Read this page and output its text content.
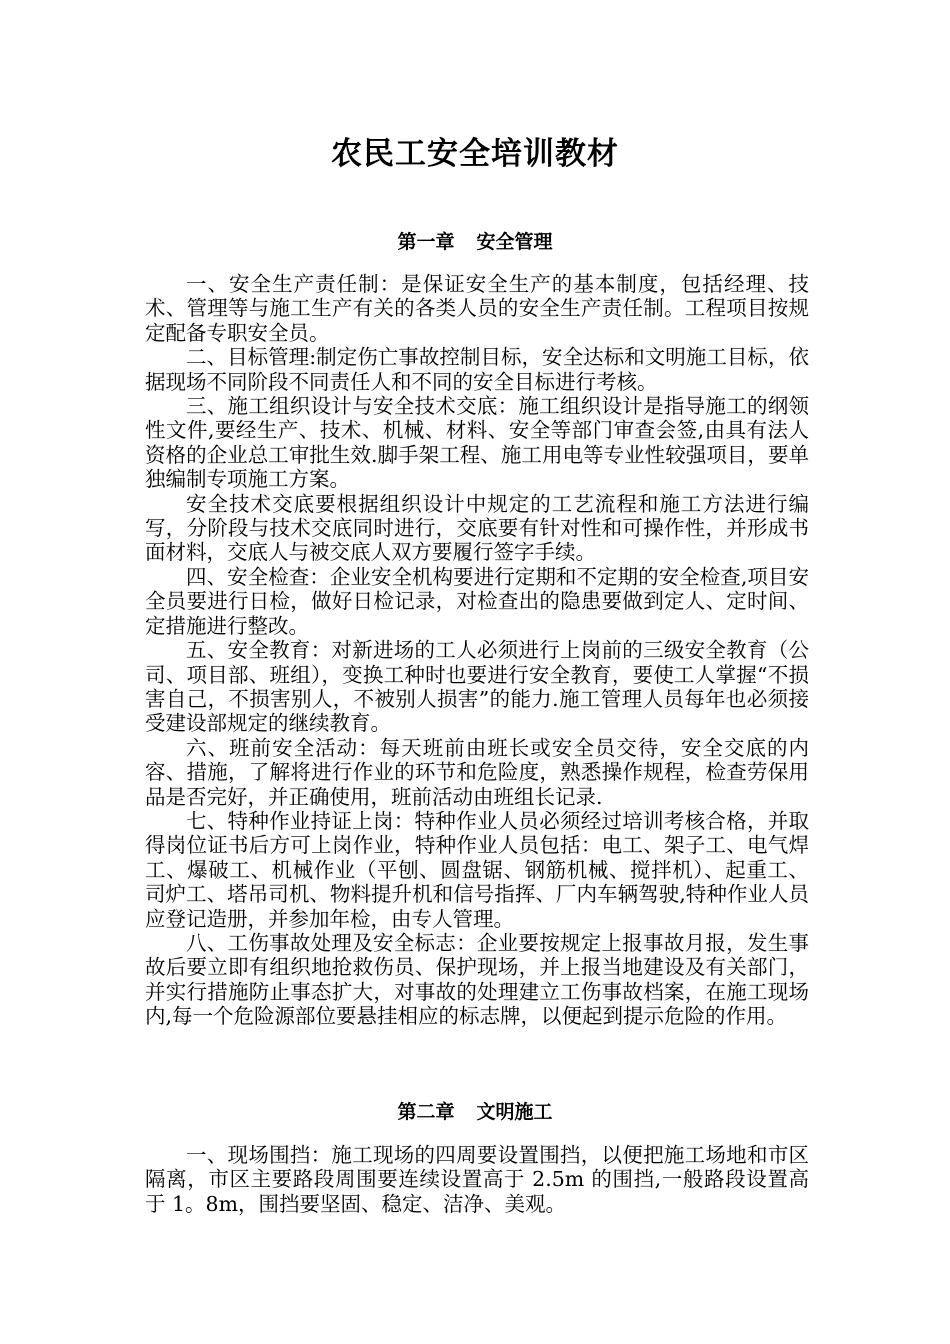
农民工安全培训教材
第一章 安全管理

一、安全生产责任制：是保证安全生产的基本制度，包括经理、技术、管理等与施工生产有关的各类人员的安全生产责任制。工程项目按规定配备专职安全员。

二、目标管理:制定伤亡事故控制目标，安全达标和文明施工目标，依据现场不同阶段不同责任人和不同的安全目标进行考核。

三、施工组织设计与安全技术交底：施工组织设计是指导施工的纲领性文件,要经生产、技术、机械、材料、安全等部门审查会签,由具有法人资格的企业总工审批生效.脚手架工程、施工用电等专业性较强项目，要单独编制专项施工方案。

安全技术交底要根据组织设计中规定的工艺流程和施工方法进行编写，分阶段与技术交底同时进行，交底要有针对性和可操作性，并形成书面材料，交底人与被交底人双方要履行签字手续。

四、安全检查：企业安全机构要进行定期和不定期的安全检查,项目安全员要进行日检，做好日检记录，对检查出的隐患要做到定人、定时间、定措施进行整改。

五、安全教育：对新进场的工人必须进行上岗前的三级安全教育（公司、项目部、班组），变换工种时也要进行安全教育，要使工人掌握“不损害自己，不损害别人，不被别人损害”的能力.施工管理人员每年也必须接受建设部规定的继续教育。

六、班前安全活动：每天班前由班长或安全员交待，安全交底的内容、措施，了解将进行作业的环节和危险度，熟悉操作规程，检查劳保用品是否完好，并正确使用，班前活动由班组长记录.

七、特种作业持证上岗：特种作业人员必须经过培训考核合格，并取得岗位证书后方可上岗作业，特种作业人员包括：电工、架子工、电气焊工、爆破工、机械作业（平刨、圆盘锯、钢筋机械、搅拌机）、起重工、司炉工、塔吊司机、物料提升机和信号指挥、厂内车辆驾驶,特种作业人员应登记造册，并参加年检，由专人管理。

八、工伤事故处理及安全标志：企业要按规定上报事故月报，发生事故后要立即有组织地抢救伤员、保护现场，并上报当地建设及有关部门，并实行措施防止事态扩大，对事故的处理建立工伤事故档案，在施工现场内,每一个危险源部位要悬挂相应的标志牌，以便起到提示危险的作用。

第二章 文明施工

一、现场围挡：施工现场的四周要设置围挡，以便把施工场地和市区隔离，市区主要路段周围要连续设置高于 2.5m 的围挡,一般路段设置高于 1。8m，围挡要坚固、稳定、洁净、美观。
